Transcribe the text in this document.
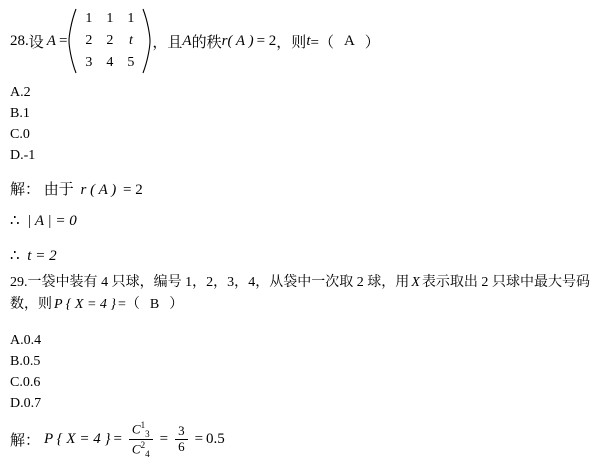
28. 设 A =
1	1	1
2	2	t
3	4	5
，且 A 的秩 r ( A ) = 2 ，则 t =（ A ）
A.2
B.1
C.0
D.-1
解： 由于 r ( A ) = 2
∴ | A | = 0
∴ t = 2
29.一袋中装有 4 只球，编号 1，2，3，4，从袋中一次取 2 球，用 X 表示取出 2 只球中最大号码数，则 P { X = 4 } =（ B ）
A.0.4
B.0.5
C.0.6
D.0.7
解： P { X = 4 } = $\frac{C^1_3}{C^2_4} = \frac{3}{6} = 0.5$
